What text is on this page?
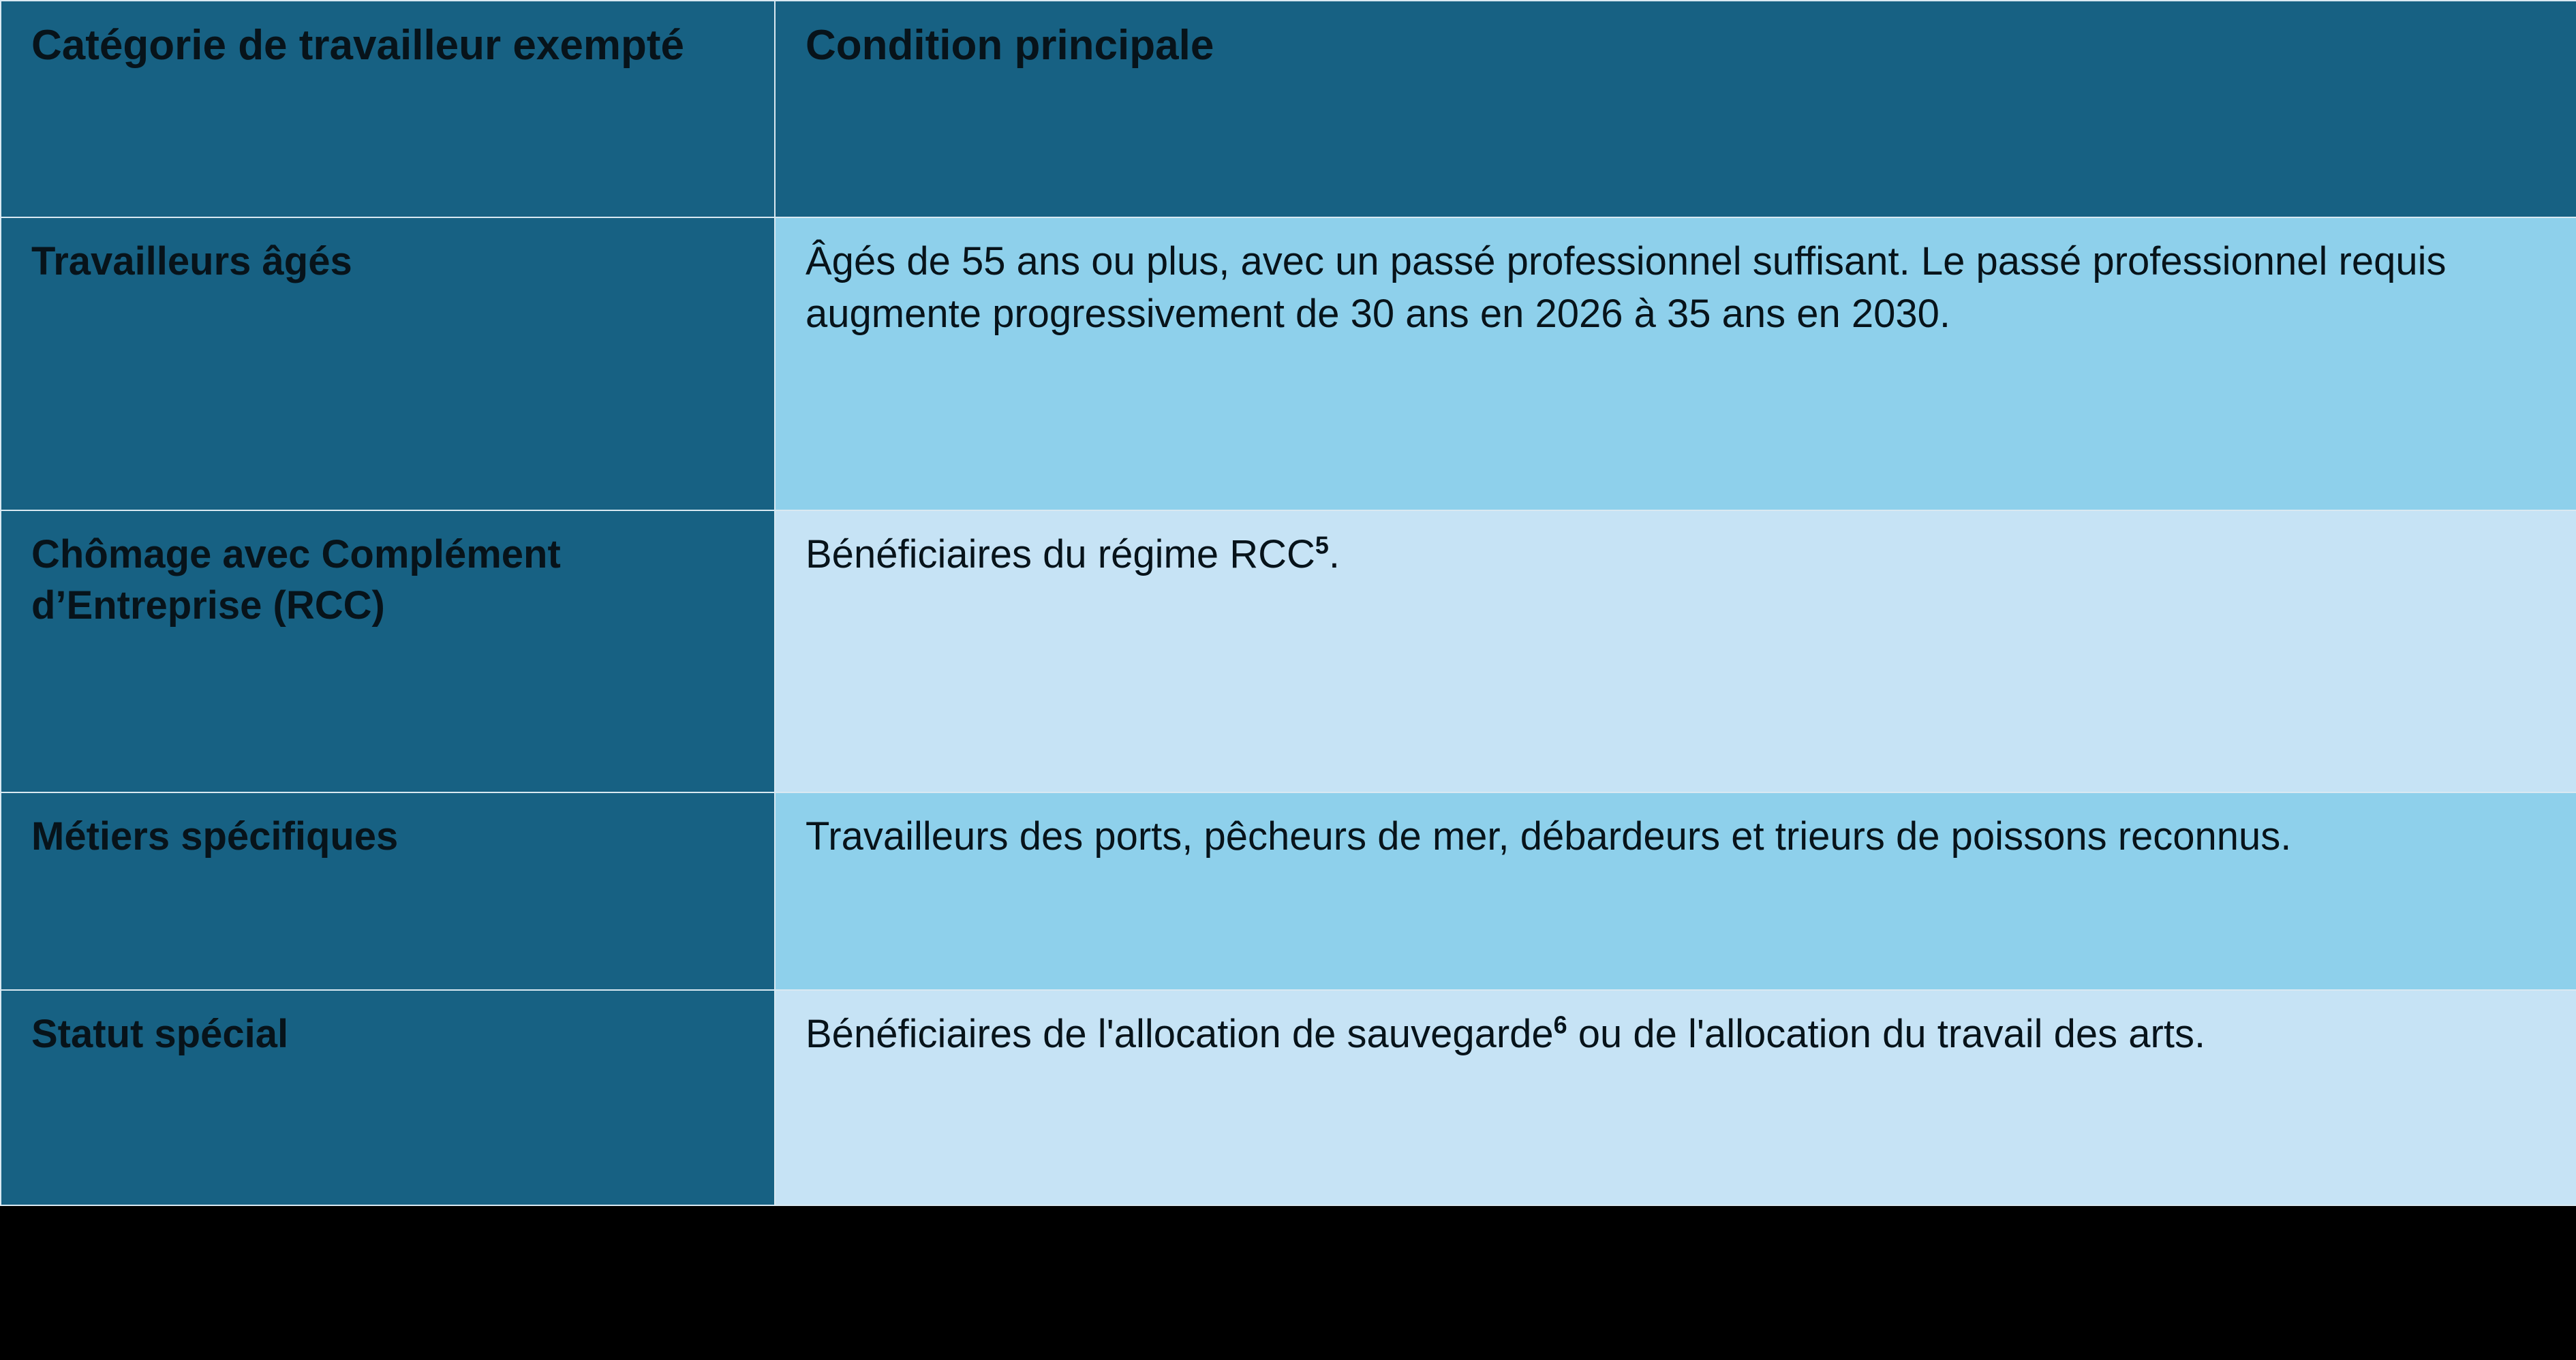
Catégorie de travailleur exempté	Condition principale
Travailleurs âgés	Âgés de 55 ans ou plus, avec un passé professionnel suffisant. Le passé professionnel requis augmente progressivement de 30 ans en 2026 à 35 ans en 2030.
Chômage avec Complément d’Entreprise (RCC)	Bénéficiaires du régime RCC$^5$.
Métiers spécifiques	Travailleurs des ports, pêcheurs de mer, débardeurs et trieurs de poissons reconnus.
Statut spécial	Bénéficiaires de l'allocation de sauvegarde$^6$ ou de l'allocation du travail des arts.
